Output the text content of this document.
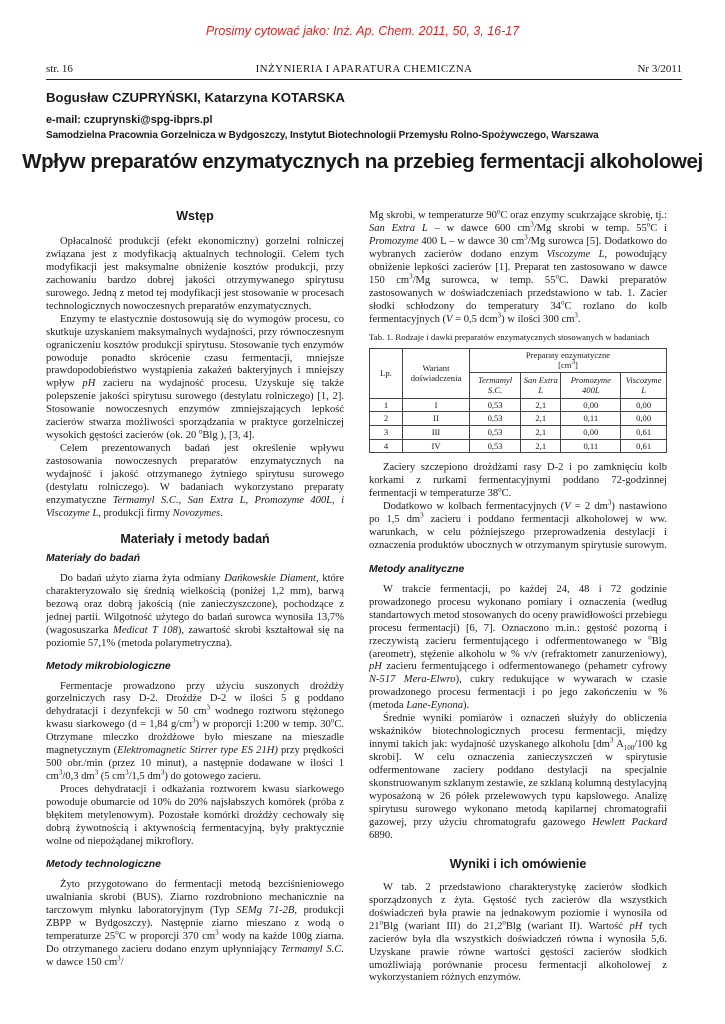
Prosimy cytować jako: Inż. Ap. Chem. 2011, 50, 3, 16-17
str. 16	INŻYNIERIA I APARATURA CHEMICZNA	Nr 3/2011
Bogusław CZUPRYŃSKI, Katarzyna KOTARSKA
e-mail: czuprynski@spg-ibprs.pl
Samodzielna Pracownia Gorzelnicza w Bydgoszczy, Instytut Biotechnologii Przemysłu Rolno-Spożywczego, Warszawa
Wpływ preparatów enzymatycznych na przebieg fermentacji alkoholowej
Wstęp

Opłacalność produkcji (efekt ekonomiczny) gorzelni rolniczej związana jest z modyfikacją aktualnych technologii. Celem tych modyfikacji jest maksymalne obniżenie kosztów produkcji, przy zachowaniu bardzo dobrej jakości otrzymywanego spirytusu surowego. Jedną z metod tej modyfikacji jest stosowanie w procesach technologicznych nowoczesnych preparatów enzymatycznych.

Enzymy te elastycznie dostosowują się do wymogów procesu, co skutkuje uzyskaniem maksymalnych wydajności, przy równoczesnym ograniczeniu kosztów produkcji spirytusu. Stosowanie tych enzymów powoduje ponadto skrócenie czasu fermentacji, mniejsze prawdopodobieństwo wystąpienia zakażeń bakteryjnych i mniejszy wpływ pH zacieru na wydajność procesu. Uzyskuje się także polepszenie jakości spirytusu surowego (destylatu rolniczego) [1, 2]. Stosowanie nowoczesnych enzymów zmniejszających lepkość zacierów stwarza możliwości sporządzania w praktyce gorzelniczej wysokich gęstości zacierów (ok. 20 $^o$Blg ), [3, 4].

Celem prezentowanych badań jest określenie wpływu zastosowania nowoczesnych preparatów enzymatycznych na wydajność i jakość otrzymanego żytniego spirytusu surowego (destylatu rolniczego). W badaniach wykorzystano preparaty enzymatyczne Termamyl S.C., San Extra L, Promozyme 400L, i Viscozyme L, produkcji firmy Novozymes.

Materiały i metody badań
Materiały do badań

Do badań użyto ziarna żyta odmiany Dańkowskie Diament, które charakteryzowało się średnią wielkością (poniżej 1,2 mm), barwą bezową oraz dobrą jakością (nie zanieczyszczone), pochodzące z jednej partii. Wilgotność użytego do badań surowca wynosiła 13,7% (wagosuszarka Medicat T 108), zawartość skrobi kształtował się na poziomie 57,1% (metoda polarymetryczna).

Metody mikrobiologiczne

Fermentacje prowadzono przy użyciu suszonych drożdży gorzelniczych rasy D-2. Drożdże D-2 w ilości 5 g poddano dehydratacji i dezynfekcji w 50 $cm^3$ wodnego roztworu stężonego kwasu siarkowego (d = 1,84 $g/cm^3$) w proporcji 1:200 w temp. 30$^o$C. Otrzymane mleczko drożdżowe było mieszane na mieszadle magnetycznym (Elektromagnetic Stirrer type ES 21H) przy prędkości 500 obr./min (przez 10 minut), a następnie dodawane w ilości 1 $cm^3/0,3$ $dm^3$ (5 $cm^3/1,5$ $dm^3$) do gotowego zacieru.

Proces dehydratacji i odkażania roztworem kwasu siarkowego powoduje obumarcie od 10% do 20% najsłabszych komórek (próba z błękitem metylenowym). Pozostałe komórki drożdży cechowały się dobrą żywotnością i aktywnością fermentacyjną, były praktycznie wolne od niepożądanej mikroflory.

Metody technologiczne

Żyto przygotowano do fermentacji metodą bezciśnieniowego uwalniania skrobi (BUS). Ziarno rozdrobniono mechanicznie na tarczowym młynku laboratoryjnym (Typ SEMg 71-2B, produkcji ZBPP w Bydgoszczy). Następnie ziarno mieszano z wodą o temperaturze 25$^o$C w proporcji 370 $cm^3$ wody na każde 100g ziarna. Do otrzymanego zacieru dodano enzym upłynniający Termamyl S.C. w dawce 150 $cm^3/$

Mg skrobi, w temperaturze 90$^o$C oraz enzymy scukrzające skrobię, tj.: San Extra L – w dawce 600 $cm^3/Mg$ skrobi w temp. 55$^o$C i Promozyme 400 L – w dawce 30 $cm^3/Mg$ surowca [5]. Dodatkowo do wybranych zacierów dodano enzym Viscozyme L, powodujący obniżenie lepkości zacierów [1]. Preparat ten zastosowano w dawce 150 $cm^3/Mg$ surowca, w temp. 55$^o$C. Dawki preparatów zastosowanych w doświadczeniach przedstawiono w tab. 1. Zacier słodki schłodzony do temperatury 34$^o$C rozlano do kolb fermentacyjnych (V = 0,5 dcm$^3$) w ilości 300 $cm^3$.

Tab. 1. Rodzaje i dawki preparatów enzymatycznych stosowanych w badaniach
Lp.	Wariant doświadczenia	Preparaty enzymatyczne
$[cm^3]$			
		Termamyl S.C.	San Extra L	Promozyme 400L	Viscozyme L
1	I	0,53	2,1	0,00	0,00
2	II	0,53	2,1	0,11	0,00
3	III	0,53	2,1	0,00	0,61
4	IV	0,53	2,1	0,11	0,61

Zaciery szczepiono drożdżami rasy D-2 i po zamknięciu kolb korkami z rurkami fermentacyjnymi poddano 72-godzinnej fermentacji w temperaturze 38$^o$C.

Dodatkowo w kolbach fermentacyjnych (V = 2 $dm^3$) nastawiono po 1,5 $dm^3$ zacieru i poddano fermentacji alkoholowej w ww. warunkach, w celu późniejszego przeprowadzenia destylacji i oznaczenia produktów ubocznych w otrzymanym spirytusie surowym.

Metody analityczne

W trakcie fermentacji, po każdej 24, 48 i 72 godzinie prowadzonego procesu wykonano pomiary i oznaczenia (według standartowych metod stosowanych do oceny prawidłowości przebiegu procesu fermentacji) [6, 7]. Oznaczono m.in.: gęstość pozorną i rzeczywistą zacieru fermentującego i odfermentowanego w $^o$Blg (areometr), stężenie alkoholu w % v/v (refraktometr zanurzeniowy), pH zacieru fermentującego i odfermentowanego (pehametr cyfrowy N-517 Mera-Elwro), cukry redukujące w wywarach w czasie prowadzonego procesu fermentacji i po jego zakończeniu w % (metoda Lane-Eynona).

Średnie wyniki pomiarów i oznaczeń służyły do obliczenia wskaźników biotechnologicznych procesu fermentacji, między innymi takich jak: wydajność uzyskanego alkoholu [$dm^3$ $A_{100}/100$ kg skrobi]. W celu oznaczenia zanieczyszczeń w spirytusie odfermentowane zaciery poddano destylacji na specjalnie skonstruowanym szklanym zestawie, ze szklaną kolumną destylacyjną wyposażoną w 26 półek przelewowych typu kapslowego. Analizę spirytusu surowego wykonano metodą kapilarnej chromatografii gazowej, przy użyciu chromatografu gazowego Hewlett Packard 6890.

Wyniki i ich omówienie

W tab. 2 przedstawiono charakterystykę zacierów słodkich sporządzonych z żyta. Gęstość tych zacierów dla wszystkich doświadczeń była prawie na jednakowym poziomie i wynosiła od 21$^o$Blg (wariant III) do 21,2$^o$Blg (wariant II). Wartość pH tych zacierów była dla wszystkich doświadczeń równa i wynosiła 5,6. Uzyskane prawie równe wartości gęstości zacierów słodkich umożliwiają porównanie procesu fermentacji alkoholowej z wykorzystaniem różnych enzymów.
